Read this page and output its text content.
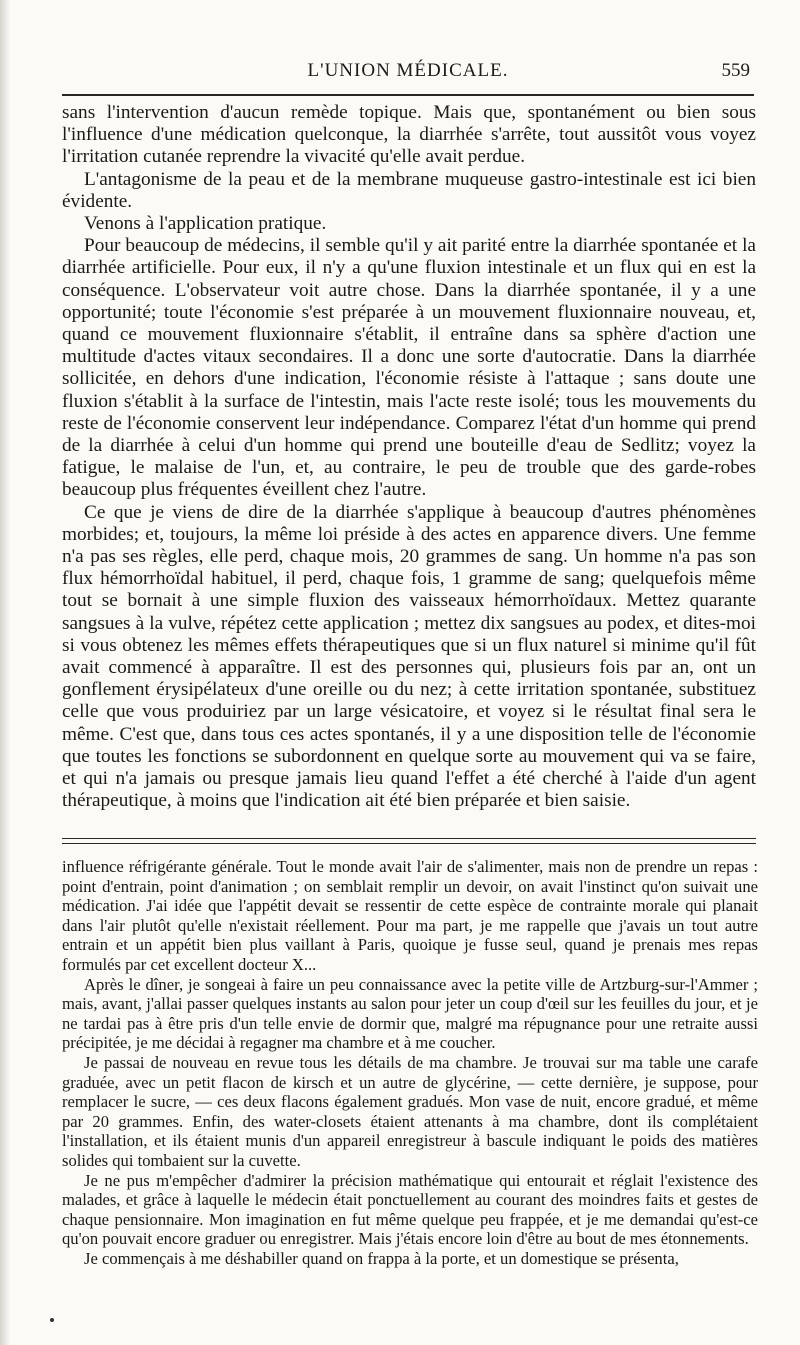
L'UNION MÉDICALE.	559

sans l'intervention d'aucun remède topique. Mais que, spontanément ou bien sous l'influence d'une médication quelconque, la diarrhée s'arrête, tout aussitôt vous voyez l'irritation cutanée reprendre la vivacité qu'elle avait perdue.

L'antagonisme de la peau et de la membrane muqueuse gastro-intestinale est ici bien évidente.

Venons à l'application pratique.

Pour beaucoup de médecins, il semble qu'il y ait parité entre la diarrhée spontanée et la diarrhée artificielle. Pour eux, il n'y a qu'une fluxion intestinale et un flux qui en est la conséquence. L'observateur voit autre chose. Dans la diarrhée spontanée, il y a une opportunité; toute l'économie s'est préparée à un mouvement fluxionnaire nouveau, et, quand ce mouvement fluxionnaire s'établit, il entraîne dans sa sphère d'action une multitude d'actes vitaux secondaires. Il a donc une sorte d'autocratie. Dans la diarrhée sollicitée, en dehors d'une indication, l'économie résiste à l'attaque ; sans doute une fluxion s'établit à la surface de l'intestin, mais l'acte reste isolé; tous les mouvements du reste de l'économie conservent leur indépendance. Comparez l'état d'un homme qui prend de la diarrhée à celui d'un homme qui prend une bouteille d'eau de Sedlitz; voyez la fatigue, le malaise de l'un, et, au contraire, le peu de trouble que des garde-robes beaucoup plus fréquentes éveillent chez l'autre.

Ce que je viens de dire de la diarrhée s'applique à beaucoup d'autres phénomènes morbides; et, toujours, la même loi préside à des actes en apparence divers. Une femme n'a pas ses règles, elle perd, chaque mois, 20 grammes de sang. Un homme n'a pas son flux hémorrhoïdal habituel, il perd, chaque fois, 1 gramme de sang; quelquefois même tout se bornait à une simple fluxion des vaisseaux hémorrhoïdaux. Mettez quarante sangsues à la vulve, répétez cette application ; mettez dix sangsues au podex, et dites-moi si vous obtenez les mêmes effets thérapeutiques que si un flux naturel si minime qu'il fût avait commencé à apparaître. Il est des personnes qui, plusieurs fois par an, ont un gonflement érysipélateux d'une oreille ou du nez; à cette irritation spontanée, substituez celle que vous produiriez par un large vésicatoire, et voyez si le résultat final sera le même. C'est que, dans tous ces actes spontanés, il y a une disposition telle de l'économie que toutes les fonctions se subordonnent en quelque sorte au mouvement qui va se faire, et qui n'a jamais ou presque jamais lieu quand l'effet a été cherché à l'aide d'un agent thérapeutique, à moins que l'indication ait été bien préparée et bien saisie.

influence réfrigérante générale. Tout le monde avait l'air de s'alimenter, mais non de prendre un repas : point d'entrain, point d'animation ; on semblait remplir un devoir, on avait l'instinct qu'on suivait une médication. J'ai idée que l'appétit devait se ressentir de cette espèce de contrainte morale qui planait dans l'air plutôt qu'elle n'existait réellement. Pour ma part, je me rappelle que j'avais un tout autre entrain et un appétit bien plus vaillant à Paris, quoique je fusse seul, quand je prenais mes repas formulés par cet excellent docteur X...

Après le dîner, je songeai à faire un peu connaissance avec la petite ville de Artzburg-sur-l'Ammer ; mais, avant, j'allai passer quelques instants au salon pour jeter un coup d'œil sur les feuilles du jour, et je ne tardai pas à être pris d'un telle envie de dormir que, malgré ma répugnance pour une retraite aussi précipitée, je me décidai à regagner ma chambre et à me coucher.

Je passai de nouveau en revue tous les détails de ma chambre. Je trouvai sur ma table une carafe graduée, avec un petit flacon de kirsch et un autre de glycérine, — cette dernière, je suppose, pour remplacer le sucre, — ces deux flacons également gradués. Mon vase de nuit, encore gradué, et même par 20 grammes. Enfin, des water-closets étaient attenants à ma chambre, dont ils complétaient l'installation, et ils étaient munis d'un appareil enregistreur à bascule indiquant le poids des matières solides qui tombaient sur la cuvette.

Je ne pus m'empêcher d'admirer la précision mathématique qui entourait et réglait l'existence des malades, et grâce à laquelle le médecin était ponctuellement au courant des moindres faits et gestes de chaque pensionnaire. Mon imagination en fut même quelque peu frappée, et je me demandai qu'est-ce qu'on pouvait encore graduer ou enregistrer. Mais j'étais encore loin d'être au bout de mes étonnements.

Je commençais à me déshabiller quand on frappa à la porte, et un domestique se présenta,
